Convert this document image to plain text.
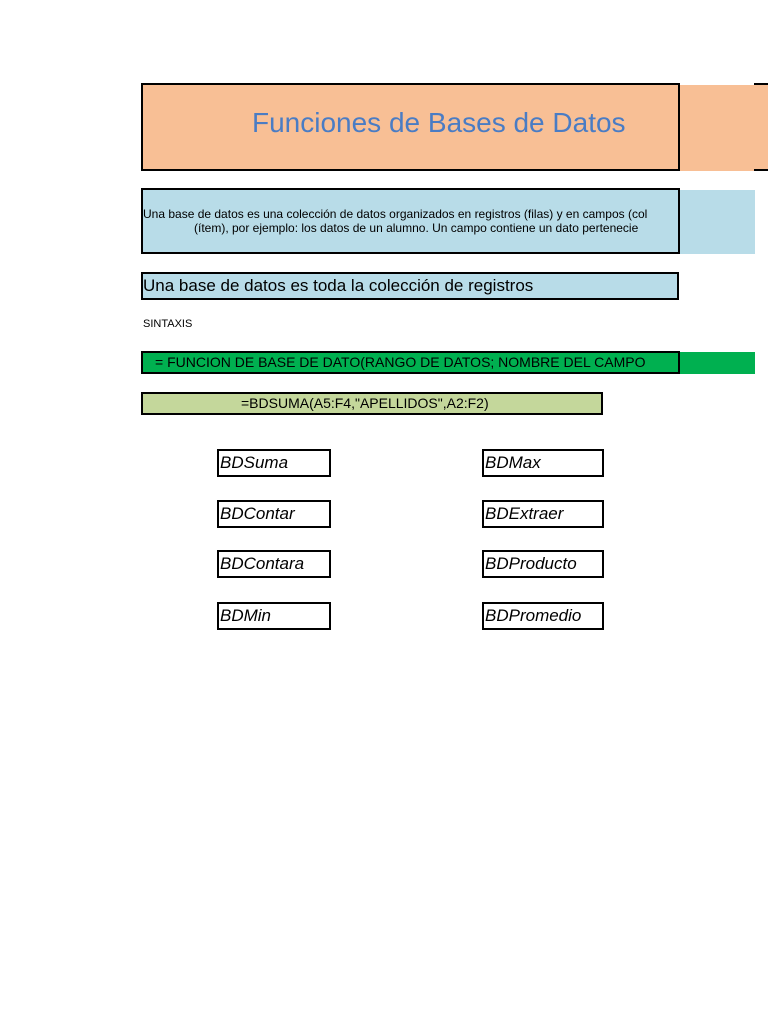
Funciones de Bases de Datos
Una base de datos es una colección de datos organizados en registros (filas) y en campos (col
(ítem), por ejemplo: los datos de un alumno. Un campo contiene un dato pertenecie
Una base de datos es toda la colección de registros
SINTAXIS
= FUNCION DE BASE DE DATO(RANGO DE DATOS; NOMBRE DEL CAMPO
=BDSUMA(A5:F4,"APELLIDOS",A2:F2)
BDSuma
BDContar
BDContara
BDMin
BDMax
BDExtraer
BDProducto
BDPromedio
